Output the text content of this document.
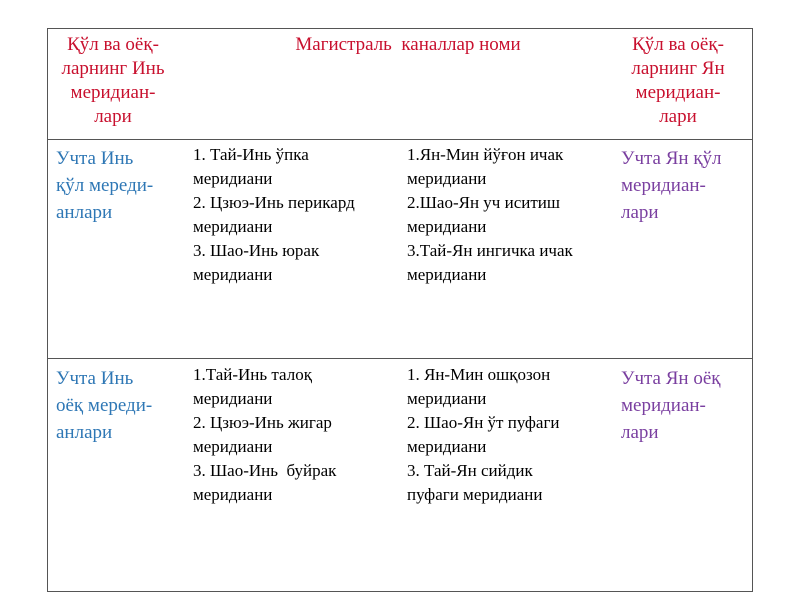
Қўл ва оёқ-
ларнинг Инь
меридиан-
лари
Магистраль  каналлар номи	Қўл ва оёқ-
ларнинг Ян
меридиан-
лари
Учта Инь
қўл мереди-
анлари
1. Тай-Инь ўпка
меридиани
2. Цзюэ-Инь перикард
меридиани
3. Шао-Инь юрак
меридиани
1.Ян-Мин йўғон ичак
меридиани
2.Шао-Ян уч иситиш
меридиани
3.Тай-Ян ингичка ичак
меридиани
Учта Ян қўл
меридиан-
лари
Учта Инь
оёқ мереди-
анлари
1.Тай-Инь талоқ
меридиани
2. Цзюэ-Инь жигар
меридиани
3. Шао-Инь  буйрак
меридиани
1. Ян-Мин ошқозон
меридиани
2. Шао-Ян ўт пуфаги
меридиани
3. Тай-Ян сийдик
пуфаги меридиани
Учта Ян оёқ
меридиан-
лари
